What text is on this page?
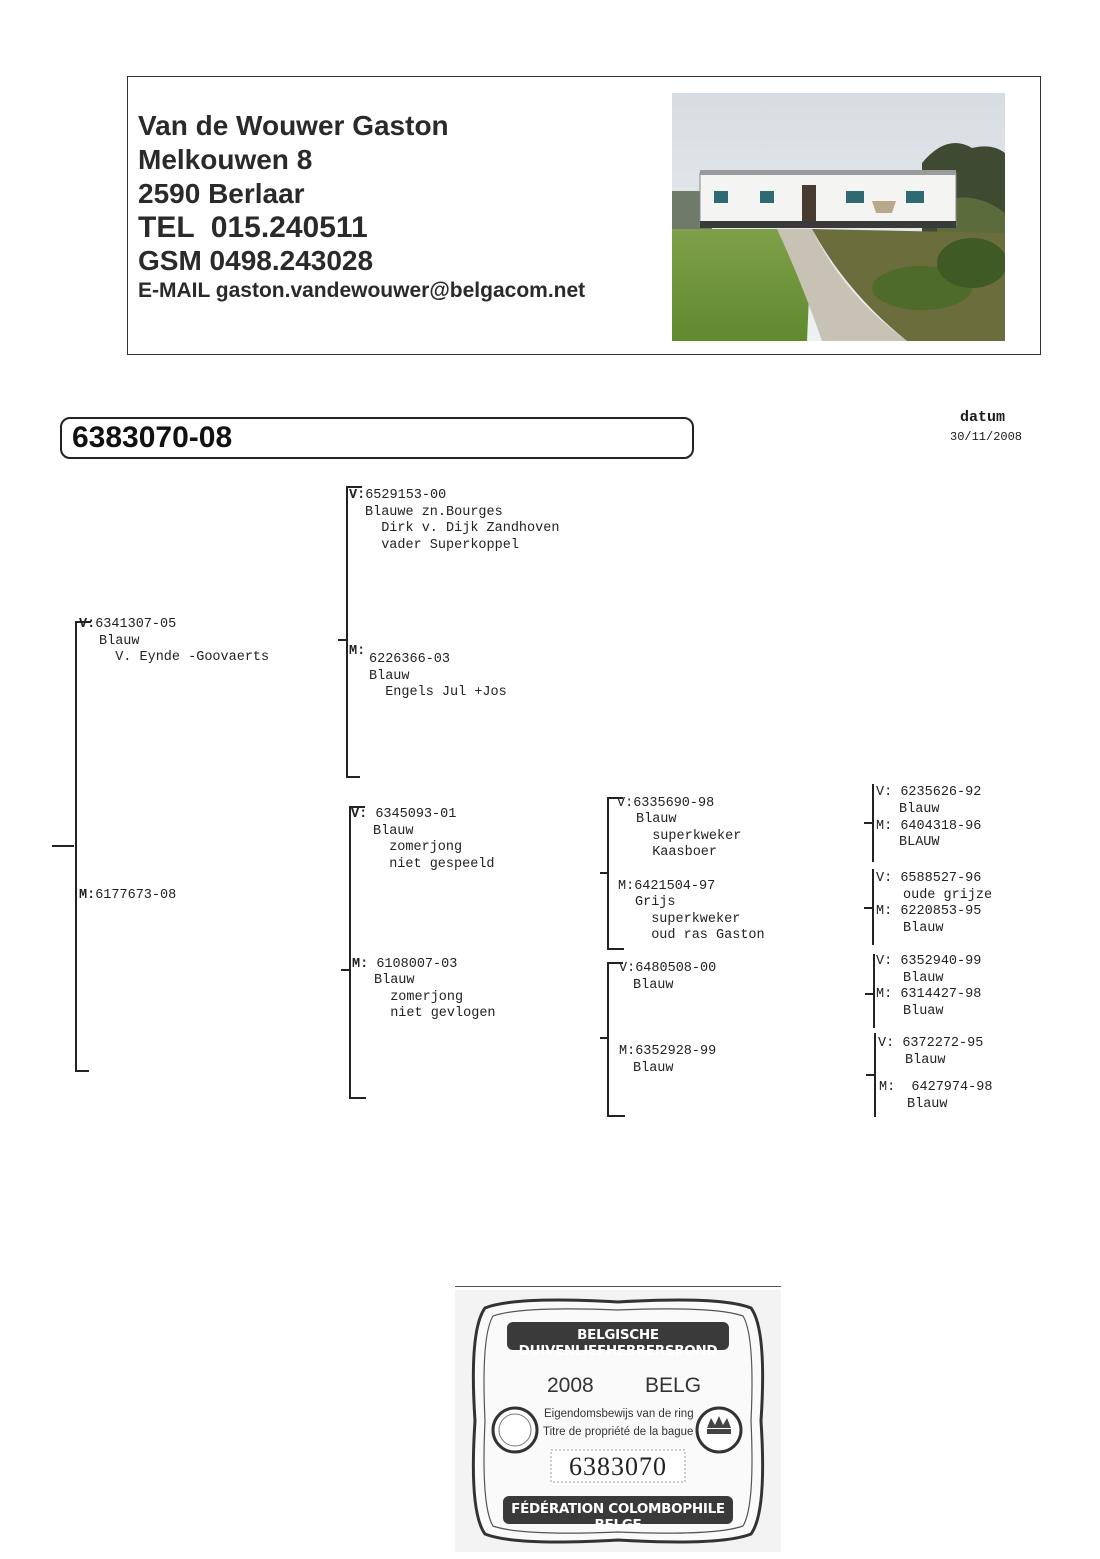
Van de Wouwer Gaston
Melkouwen 8
2590 Berlaar
TEL  015.240511
GSM 0498.243028
E-MAIL gaston.vandewouwer@belgacom.net
6383070-08
datum
30/11/2008
V:6341307-05
Blauw
V. Eynde -Goovaerts
M:6177673-08
V:6529153-00
Blauwe zn.Bourges
Dirk v. Dijk Zandhoven
vader Superkoppel
M:
6226366-03
Blauw
Engels Jul +Jos
V: 6345093-01
Blauw
zomerjong
niet gespeeld
M: 6108007-03
Blauw
zomerjong
niet gevlogen
V:6335690-98
Blauw
superkweker
Kaasboer
M:6421504-97
Grijs
superkweker
oud ras Gaston
V:6480508-00
Blauw
M:6352928-99
Blauw
V: 6235626-92
Blauw
M: 6404318-96
BLAUW
V: 6588527-96
oude grijze
M: 6220853-95
Blauw
V: 6352940-99
Blauw
M: 6314427-98
Bluaw
V: 6372272-95
Blauw
M: 6427974-98
Blauw
BELGISCHE DUIVENLIEFHEBBERSBOND
2008 BELG
Eigendomsbewijs van de ring
Titre de propriété de la bague
6383070
FÉDÉRATION COLOMBOPHILE BELGE
